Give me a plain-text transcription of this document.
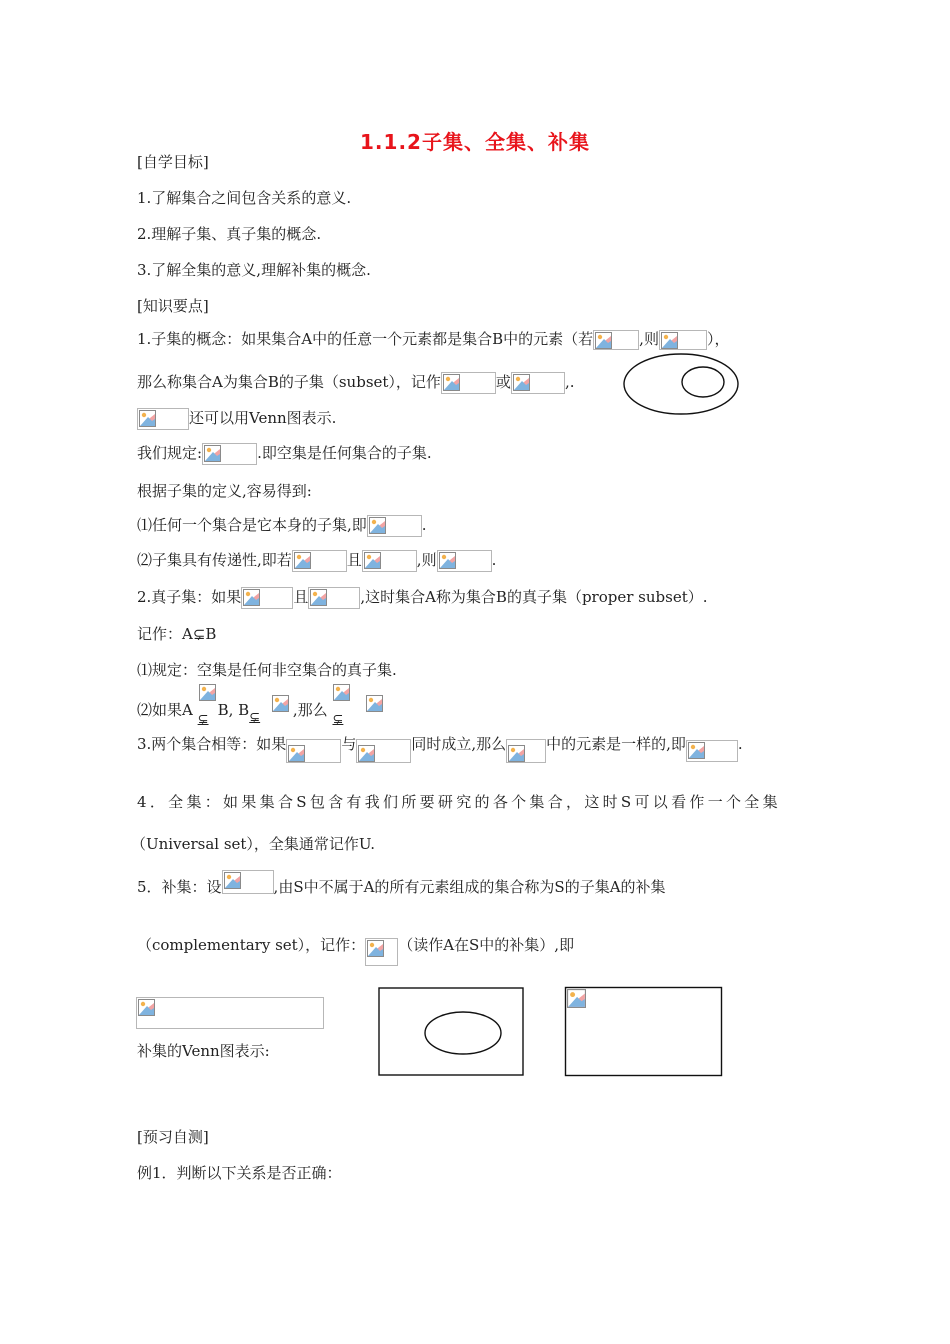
1.1.2子集、全集、补集
[自学目标]
1.了解集合之间包含关系的意义.
2.理解子集、真子集的概念.
3.了解全集的意义,理解补集的概念.
[知识要点]
1.子集的概念：如果集合A中的任意一个元素都是集合B中的元素（若	,则	），
那么称集合A为集合B的子集（subset），记作	或	,.
还可以用Venn图表示.
我们规定:	.即空集是任何集合的子集.
根据子集的定义,容易得到:
⑴任何一个集合是它本身的子集,即	.
⑵子集具有传递性,即若	且	,则	.
2.真子集：如果	且	,这时集合A称为集合B的真子集（proper subset）.
记作：A⊊B
⑴规定：空集是任何非空集合的真子集.
⑵如果A
⊊B, B⊊ ,那么
⊊
3.两个集合相等：如果	与	同时成立,那么	中的元素是一样的,即	.
4．全集：如果集合S包含有我们所要研究的各个集合，这时S可以看作一个全集
（Universal set），全集通常记作U.
5．补集：设	,由S中不属于A的所有元素组成的集合称为S的子集A的补集
（complementary set），记作： （读作A在S中的补集）,即
补集的Venn图表示:
[预习自测]
例1．判断以下关系是否正确：
